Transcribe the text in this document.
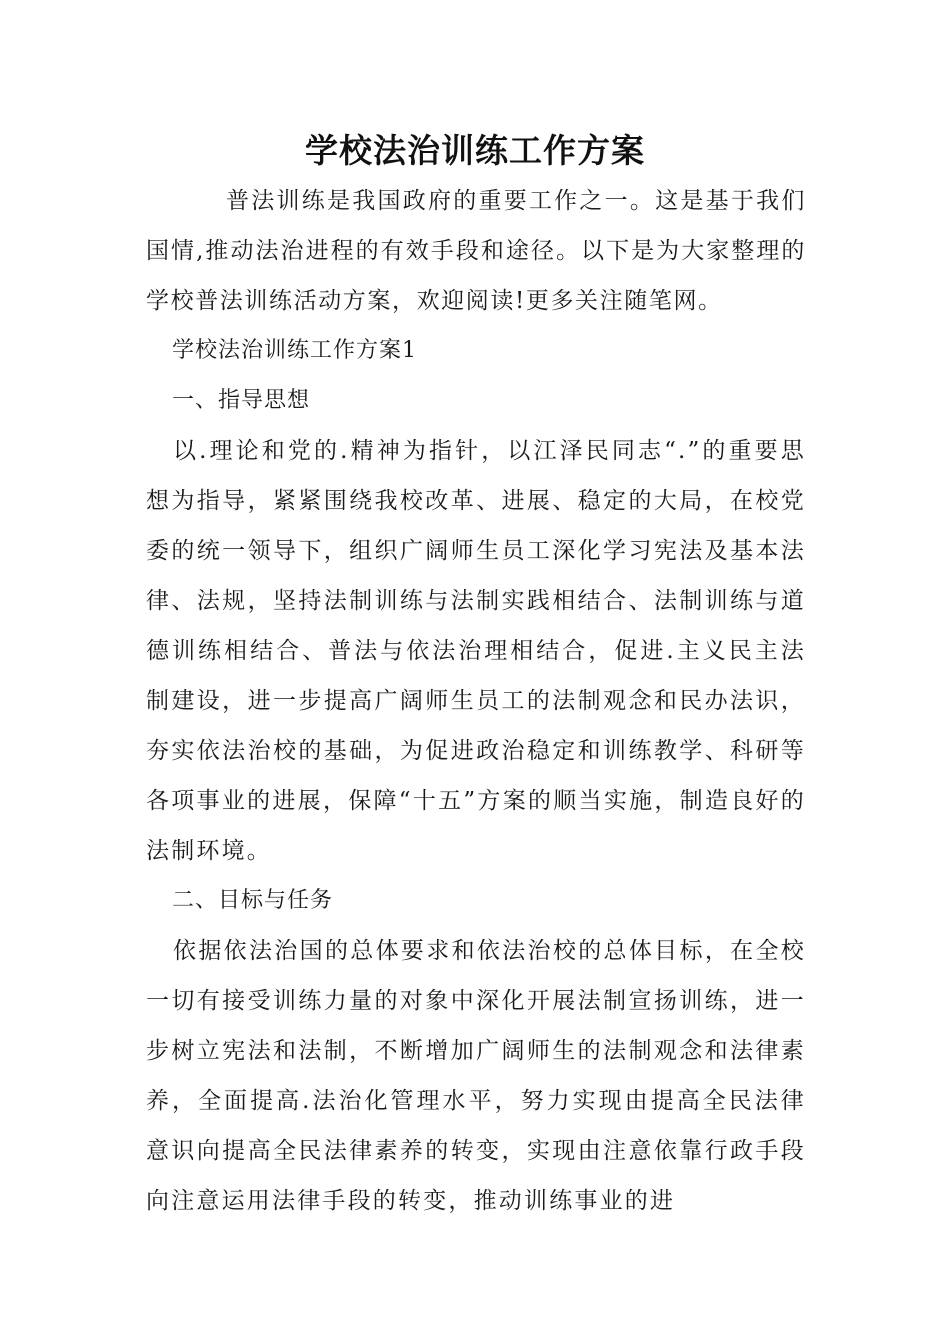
学校法治训练工作方案

普法训练是我国政府的重要工作之一。这是基于我们国情,推动法治进程的有效手段和途径。以下是为大家整理的学校普法训练活动方案，欢迎阅读!更多关注随笔网。

学校法治训练工作方案1

一、指导思想

以.理论和党的.精神为指针，以江泽民同志“.”的重要思想为指导，紧紧围绕我校改革、进展、稳定的大局，在校党委的统一领导下，组织广阔师生员工深化学习宪法及基本法律、法规，坚持法制训练与法制实践相结合、法制训练与道德训练相结合、普法与依法治理相结合，促进.主义民主法制建设，进一步提高广阔师生员工的法制观念和民办法识，夯实依法治校的基础，为促进政治稳定和训练教学、科研等各项事业的进展，保障“十五”方案的顺当实施，制造良好的法制环境。

二、目标与任务

依据依法治国的总体要求和依法治校的总体目标，在全校一切有接受训练力量的对象中深化开展法制宣扬训练，进一步树立宪法和法制，不断增加广阔师生的法制观念和法律素养，全面提高.法治化管理水平，努力实现由提高全民法律意识向提高全民法律素养的转变，实现由注意依靠行政手段向注意运用法律手段的转变，推动训练事业的进
